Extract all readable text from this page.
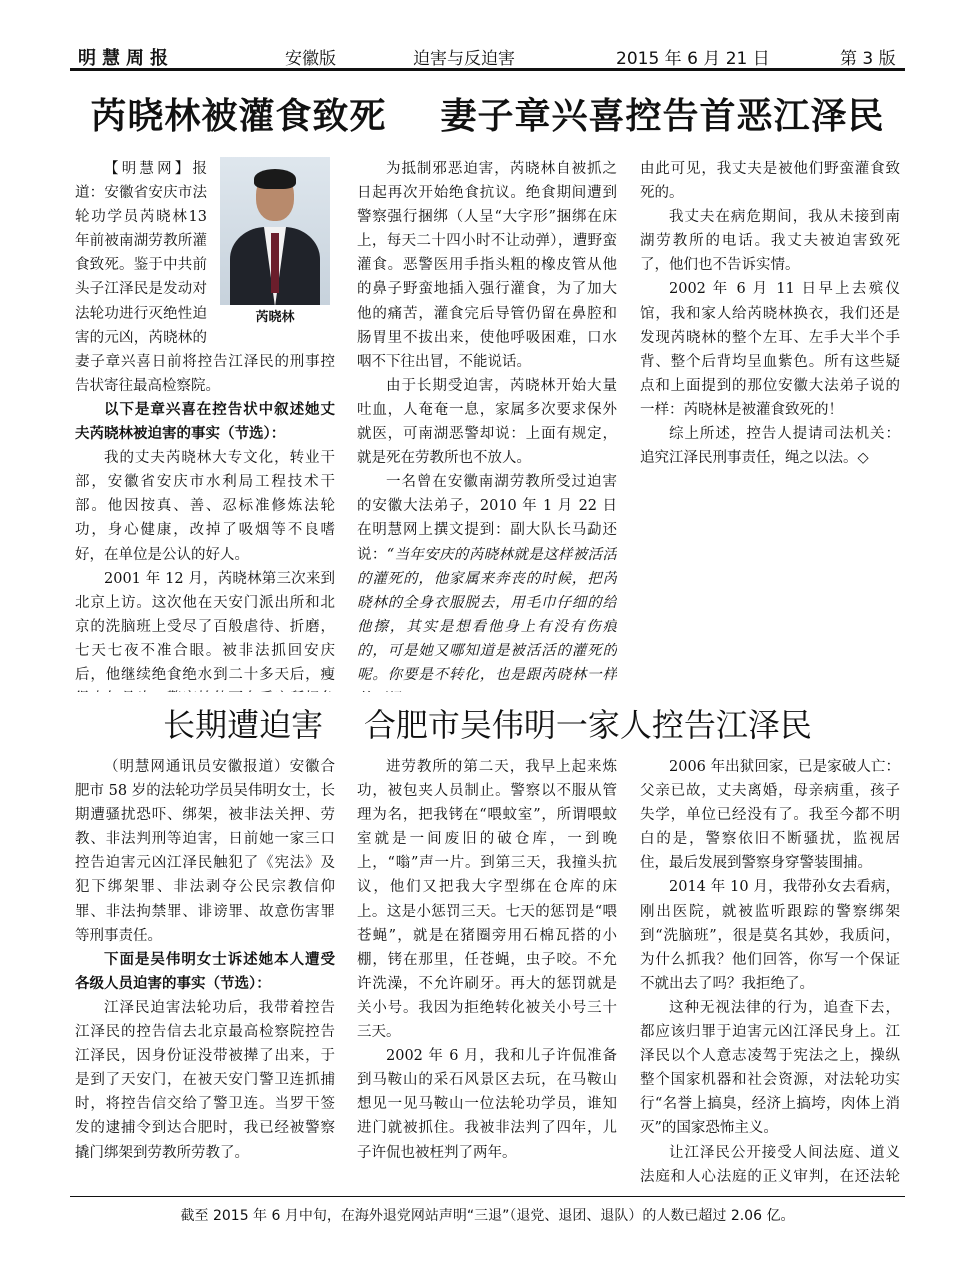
明慧周报	安徽版	迫害与反迫害	2015 年 6 月 21 日	第 3 版
芮晓林被灌食致死    妻子章兴喜控告首恶江泽民
芮晓林

【明慧网】报道：安徽省安庆市法轮功学员芮晓林13年前被南湖劳教所灌食致死。鉴于中共前头子江泽民是发动对法轮功进行灭绝性迫害的元凶，芮晓林的妻子章兴喜日前将控告江泽民的刑事控告状寄往最高检察院。

以下是章兴喜在控告状中叙述她丈夫芮晓林被迫害的事实（节选）：

我的丈夫芮晓林大专文化，转业干部，安徽省安庆市水利局工程技术干部。他因按真、善、忍标准修炼法轮功，身心健康，改掉了吸烟等不良嗜好，在单位是公认的好人。

2001 年 12 月，芮晓林第三次来到北京上访。这次他在天安门派出所和北京的洗脑班上受尽了百般虐待、折磨，七天七夜不准合眼。被非法抓回安庆后，他继续绝食绝水到二十多天后，瘦

为抵制邪恶迫害，芮晓林自被抓之日起再次开始绝食抗议。绝食期间遭到警察强行捆绑（人呈“大字形”捆绑在床上，每天二十四小时不让动弹），遭野蛮灌食。恶警医用手指头粗的橡皮管从他的鼻子野蛮地插入强行灌食，为了加大他的痛苦，灌食完后导管仍留在鼻腔和肠胃里不拔出来，使他呼吸困难，口水咽不下往出冒，不能说话。

由于长期受迫害，芮晓林开始大量吐血，人奄奄一息，家属多次要求保外就医，可南湖恶警却说：上面有规定，就是死在劳教所也不放人。

一名曾在安徽南湖劳教所受过迫害的安徽大法弟子，2010 年 1 月 22 日在明慧网上撰文提到：副大队长马勐还说：“当年安庆的芮晓林就是这样被活活的灌死的，他家属来奔丧的时候，把芮晓林的全身衣服脱去，用毛巾仔细的给他擦，其实是想看他身上有没有伤痕的，可是她又哪知道是被活活的灌死的呢。你要是不转化，也是跟芮晓林一样

由此可见，我丈夫是被他们野蛮灌食致死的。

我丈夫在病危期间，我从未接到南湖劳教所的电话。我丈夫被迫害致死了，他们也不告诉实情。

2002 年 6 月 11 日早上去殡仪馆，我和家人给芮晓林换衣，我们还是发现芮晓林的整个左耳、左手大半个手背、整个后背均呈血紫色。所有这些疑点和上面提到的那位安徽大法弟子说的一样：芮晓林是被灌食致死的！

综上所述，控告人提请司法机关：追究江泽民刑事责任，绳之以法。◇

长期遭迫害    合肥市吴伟明一家人控告江泽民

（明慧网通讯员安徽报道）安徽合肥市 58 岁的法轮功学员吴伟明女士，长期遭骚扰恐吓、绑架，被非法关押、劳教、非法判刑等迫害，日前她一家三口控告迫害元凶江泽民触犯了《宪法》及犯下绑架罪、非法剥夺公民宗教信仰罪、非法拘禁罪、诽谤罪、故意伤害罪等刑事责任。

下面是吴伟明女士诉述她本人遭受各级人员迫害的事实（节选）：

江泽民迫害法轮功后，我带着控告江泽民的控告信去北京最高检察院控告江泽民，因身份证没带被撵了出来，于是到了天安门，在被天安门警卫连抓捕时，将控告信交给了警卫连。当罗干签发的逮捕令到达合肥时，我已经被警察撬门绑架到劳教所劳教了。

进劳教所的第二天，我早上起来炼功，被包夹人员制止。警察以不服从管理为名，把我铐在“喂蚊室”，所谓喂蚊室就是一间废旧的破仓库，一到晚上，“嗡”声一片。到第三天，我撞头抗议，他们又把我大字型绑在仓库的床上。这是小惩罚三天。七天的惩罚是“喂苍蝇”，就是在猪圈旁用石棉瓦搭的小棚，铐在那里，任苍蝇，虫子咬。不允许洗澡，不允许刷牙。再大的惩罚就是关小号。我因为拒绝转化被关小号三十三天。

2002 年 6 月，我和儿子许侃准备到马鞍山的采石风景区去玩，在马鞍山想见一见马鞍山一位法轮功学员，谁知进门就被抓住。我被非法判了四年，儿子许侃也被枉判了两年。

2006 年出狱回家，已是家破人亡：父亲已故，丈夫离婚，母亲病重，孩子失学，单位已经没有了。我至今都不明白的是，警察依旧不断骚扰，监视居住，最后发展到警察身穿警装围捕。

2014 年 10 月，我带孙女去看病，刚出医院，就被监听跟踪的警察绑架到“洗脑班”，很是莫名其妙，我质问，为什么抓我？他们回答，你写一个保证不就出去了吗？我拒绝了。

这种无视法律的行为，追查下去，都应该归罪于迫害元凶江泽民身上。江泽民以个人意志凌驾于宪法之上，操纵整个国家机器和社会资源，对法轮功实行“名誉上搞臭，经济上搞垮，肉体上消灭”的国家恐怖主义。

让江泽民公开接受人间法庭、道义法庭和人心法庭的正义审判，在还法轮

截至 2015 年 6 月中旬，在海外退党网站声明“三退”（退党、退团、退队）的人数已超过 2.06 亿。
